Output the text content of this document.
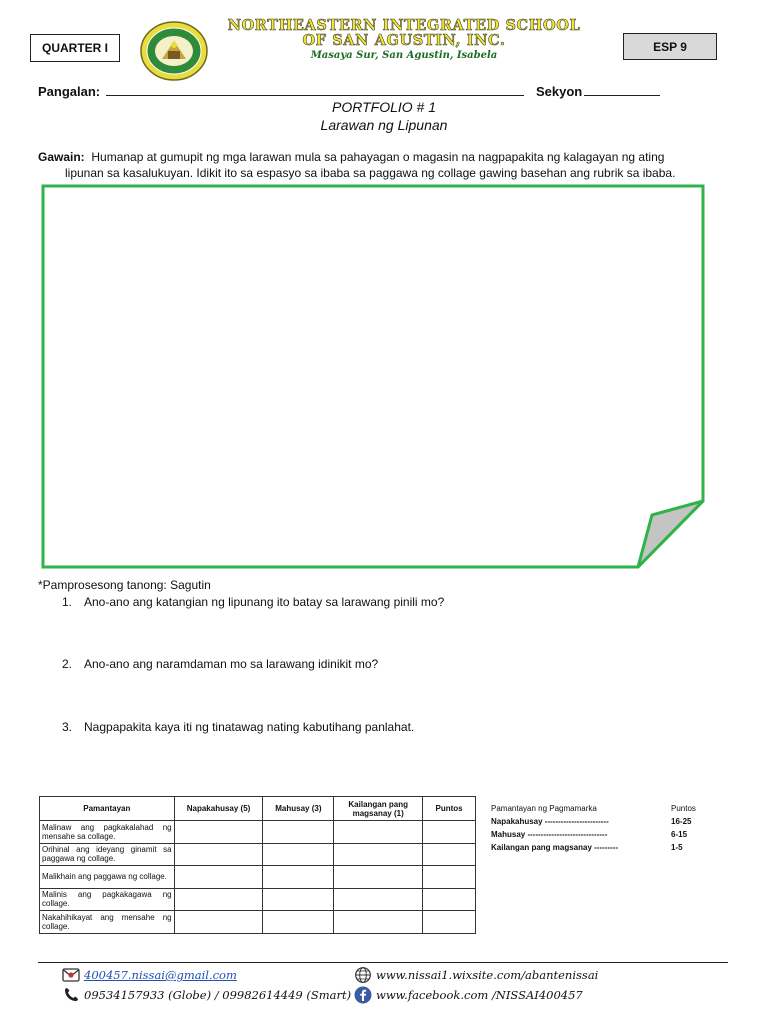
QUARTER I
NORTHEASTERN INTEGRATED SCHOOL
OF SAN AGUSTIN, INC.
Masaya Sur, San Agustin, Isabela
ESP 9
Pangalan:	Sekyon
PORTFOLIO # 1
Larawan ng Lipunan
Gawain: Humanap at gumupit ng mga larawan mula sa pahayagan o magasin na nagpapakita ng kalagayan ng ating
lipunan sa kasalukuyan. Idikit ito sa espasyo sa ibaba sa paggawa ng collage gawing basehan ang rubrik sa ibaba.
*Pamprosesong tanong: Sagutin
1. Ano-ano ang katangian ng lipunang ito batay sa larawang pinili mo?
2. Ano-ano ang naramdaman mo sa larawang idinikit mo?
3. Nagpapakita kaya iti ng tinatawag nating kabutihang panlahat.
Pamantayan	Napakahusay (5)	Mahusay (3)	Kailangan pang magsanay (1)	Puntos
Malinaw ang pagkakalahad ng mensahe sa collage.				
Orihinal ang ideyang ginamit sa paggawa ng collage.				
Malikhain ang paggawa ng collage.				
Malinis ang pagkakagawa ng collage.				
Nakahihikayat ang mensahe ng collage.				
Pamantayan ng Pagmamarka	Puntos
Napakahusay ------------------------	16-25
Mahusay ------------------------------	6-15
Kailangan pang magsanay ---------	1-5
400457.nissai@gmail.com
09534157933 (Globe) / 09982614449 (Smart)
www.nissai1.wixsite.com/abantenissai
www.facebook.com /NISSAI400457
